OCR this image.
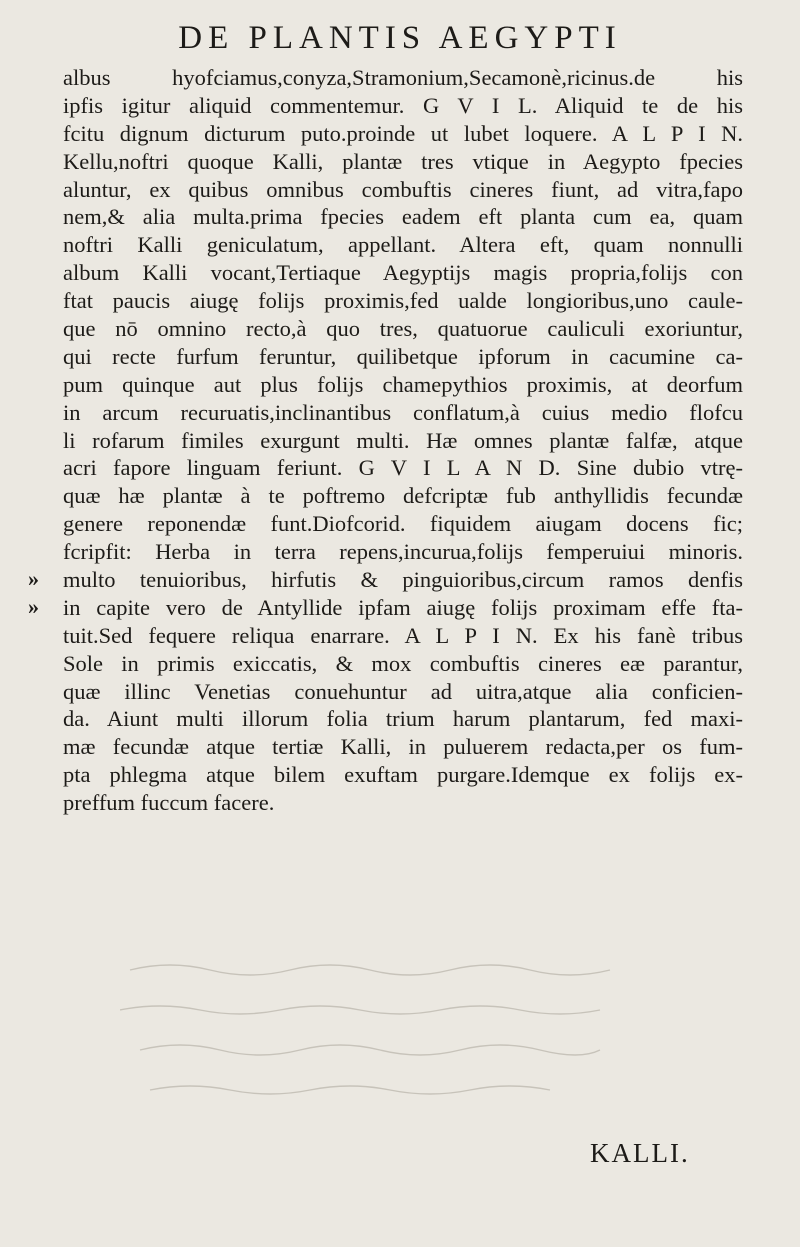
DE PLANTIS AEGYPTI
albus hyofciamus,conyza,Stramonium,Secamonè,ricinus.de his
ipfis igitur aliquid commentemur. G V I L. Aliquid te de his
fcitu dignum dicturum puto.proinde ut lubet loquere. A L P I N.
Kellu,noftri quoque Kalli, plantæ tres vtique in Aegypto fpecies
aluntur, ex quibus omnibus combuftis cineres fiunt, ad vitra,fapo
nem,& alia multa.prima fpecies eadem eft planta cum ea, quam
noftri Kalli geniculatum, appellant. Altera eft, quam nonnulli
album Kalli vocant,Tertiaque Aegyptijs magis propria,folijs con
ftat paucis aiugę folijs proximis,fed ualde longioribus,uno caule-
que nō omnino recto,à quo tres, quatuorue cauliculi exoriuntur,
qui recte furfum feruntur, quilibetque ipforum in cacumine ca-
pum quinque aut plus folijs chamepythios proximis, at deorfum
in arcum recuruatis,inclinantibus conflatum,à cuius medio flofcu
li rofarum fimiles exurgunt multi. Hæ omnes plantæ falfæ, atque
acri fapore linguam feriunt. G V I L A N D. Sine dubio vtrę-
quæ hæ plantæ à te poftremo defcriptæ fub anthyllidis fecundæ
genere reponendæ funt.Diofcorid. fiquidem aiugam docens fic;
fcripfit: Herba in terra repens,incurua,folijs femperuiui minoris.
multo tenuioribus, hirfutis & pinguioribus,circum ramos denfis
in capite vero de Antyllide ipfam aiugę folijs proximam effe fta-
tuit.Sed fequere reliqua enarrare. A L P I N. Ex his fanè tribus
Sole in primis exiccatis, & mox combuftis cineres eæ parantur,
quæ illinc Venetias conuehuntur ad uitra,atque alia conficien-
da. Aiunt multi illorum folia trium harum plantarum, fed maxi-
mæ fecundæ atque tertiæ Kalli, in puluerem redacta,per os fum-
pta phlegma atque bilem exuftam purgare.Idemque ex folijs ex-
preffum fuccum facere.
»
»
KALLI.
